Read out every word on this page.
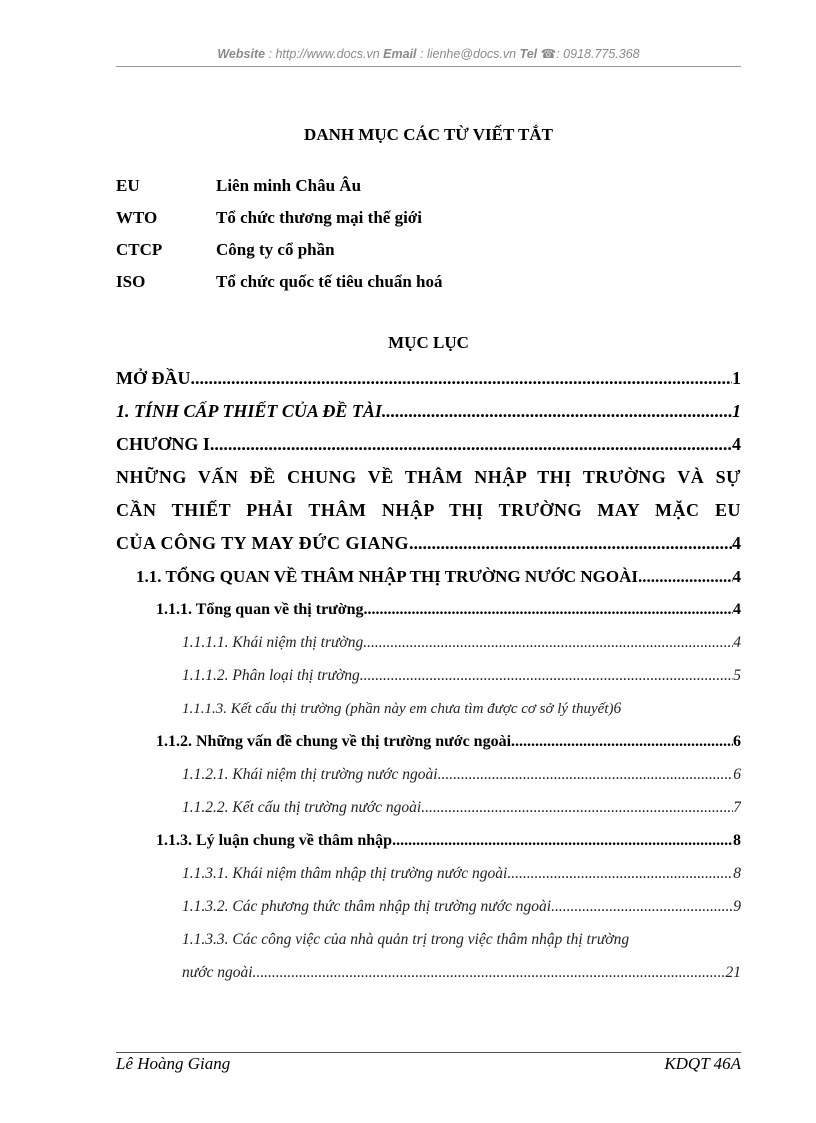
Website : http://www.docs.vn Email : lienhe@docs.vn Tel ☎: 0918.775.368
DANH MỤC CÁC TỪ VIẾT TẮT
EU	Liên minh Châu Âu
WTO	Tổ chức thương mại thế giới
CTCP	Công ty cổ phần
ISO	Tổ chức quốc tế tiêu chuẩn hoá
MỤC LỤC
MỞ ĐẦU .....	1
1. TÍNH CẤP THIẾT CỦA ĐỀ TÀI .....	1
CHƯƠNG I .....	4
NHỮNG VẤN ĐỀ CHUNG VỀ THÂM NHẬP THỊ TRƯỜNG VÀ SỰ
CẦN THIẾT PHẢI THÂM NHẬP THỊ TRƯỜNG MAY MẶC EU
CỦA CÔNG TY MAY ĐỨC GIANG .....	4
1.1. TỔNG QUAN VỀ THÂM NHẬP THỊ TRƯỜNG NƯỚC NGOÀI .....	4
1.1.1. Tổng quan về thị trường .....	4
1.1.1.1. Khái niệm thị trường .....	4
1.1.1.2. Phân loại thị trường .....	5
1.1.1.3. Kết cấu thị trường (phần này em chưa tìm được cơ sở lý thuyết) 6
1.1.2. Những vấn đề chung về thị trường nước ngoài .....	6
1.1.2.1. Khái niệm thị trường nước ngoài .....	6
1.1.2.2. Kết cấu thị trường nước ngoài .....	7
1.1.3. Lý luận chung về thâm nhập .....	8
1.1.3.1. Khái niệm thâm nhập thị trường nước ngoài .....	8
1.1.3.2. Các phương thức thâm nhập thị trường nước ngoài .....	9
1.1.3.3. Các công việc của nhà quản trị trong việc thâm nhập thị trường
nước ngoài .....	21
Lê Hoàng Giang	KDQT 46A
